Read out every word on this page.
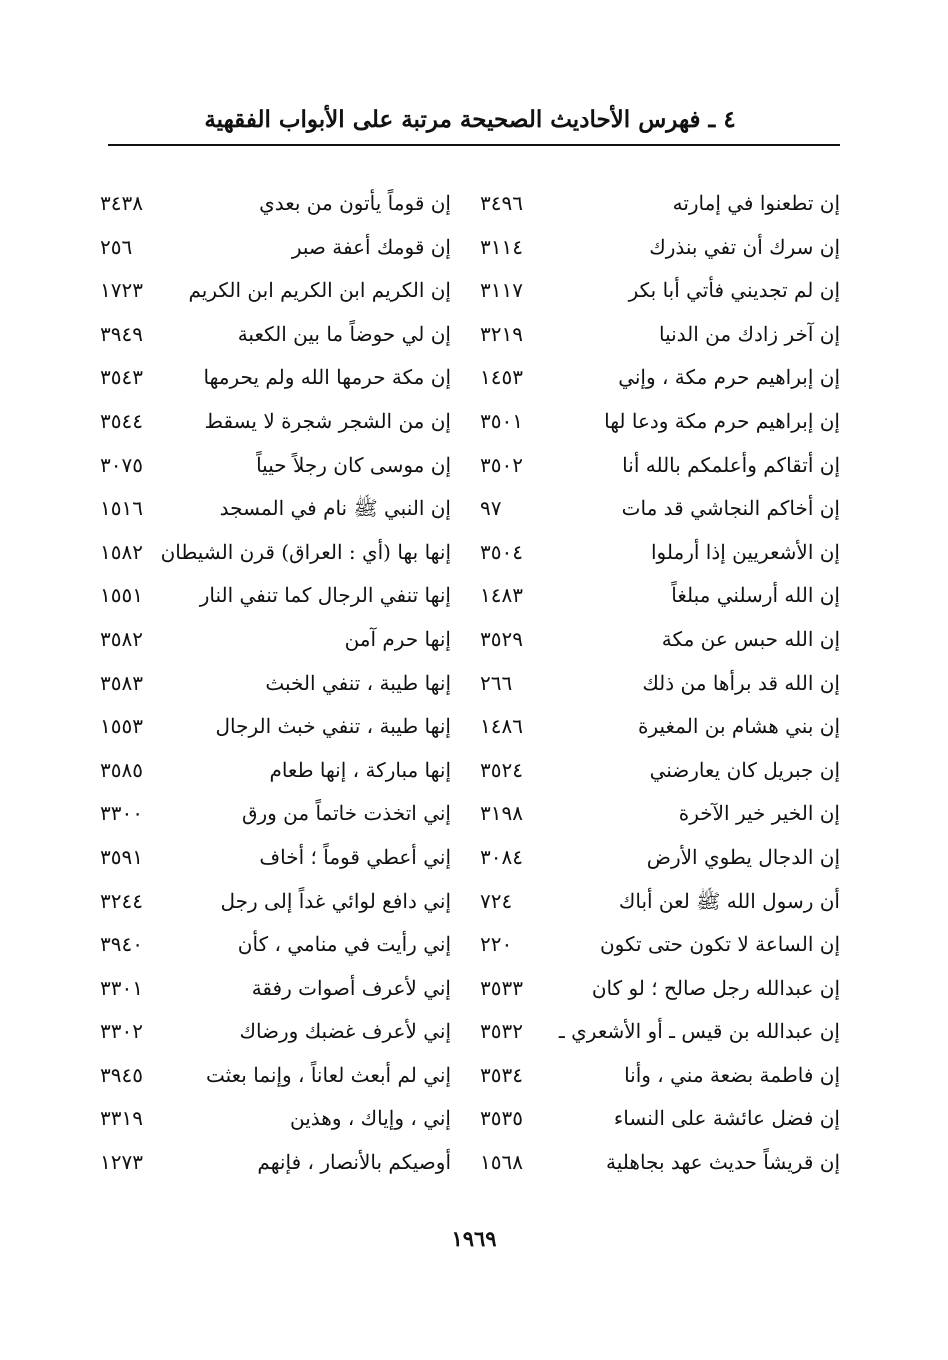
٤ ـ فهرس الأحاديث الصحيحة مرتبة على الأبواب الفقهية
إن تطعنوا في إمارته
٣٤٩٦
إن قوماً يأتون من بعدي
٣٤٣٨
إن سرك أن تفي بنذرك
٣١١٤
إن قومك أعفة صبر
٢٥٦
إن لم تجديني فأتي أبا بكر
٣١١٧
إن الكريم ابن الكريم ابن الكريم
١٧٢٣
إن آخر زادك من الدنيا
٣٢١٩
إن لي حوضاً ما بين الكعبة
٣٩٤٩
إن إبراهيم حرم مكة ، وإني
١٤٥٣
إن مكة حرمها الله ولم يحرمها
٣٥٤٣
إن إبراهيم حرم مكة ودعا لها
٣٥٠١
إن من الشجر شجرة لا يسقط
٣٥٤٤
إن أتقاكم وأعلمكم بالله أنا
٣٥٠٢
إن موسى كان رجلاً حيياً
٣٠٧٥
إن أخاكم النجاشي قد مات
٩٧
إن النبي ﷺ نام في المسجد
١٥١٦
إن الأشعريين إذا أرملوا
٣٥٠٤
إنها بها (أي : العراق) قرن الشيطان
١٥٨٢
إن الله أرسلني مبلغاً
١٤٨٣
إنها تنفي الرجال كما تنفي النار
١٥٥١
إن الله حبس عن مكة
٣٥٢٩
إنها حرم آمن
٣٥٨٢
إن الله قد برأها من ذلك
٢٦٦
إنها طيبة ، تنفي الخبث
٣٥٨٣
إن بني هشام بن المغيرة
١٤٨٦
إنها طيبة ، تنفي خبث الرجال
١٥٥٣
إن جبريل كان يعارضني
٣٥٢٤
إنها مباركة ، إنها طعام
٣٥٨٥
إن الخير خير الآخرة
٣١٩٨
إني اتخذت خاتماً من ورق
٣٣٠٠
إن الدجال يطوي الأرض
٣٠٨٤
إني أعطي قوماً ؛ أخاف
٣٥٩١
أن رسول الله ﷺ لعن أباك
٧٢٤
إني دافع لوائي غداً إلى رجل
٣٢٤٤
إن الساعة لا تكون حتى تكون
٢٢٠
إني رأيت في منامي ، كأن
٣٩٤٠
إن عبدالله رجل صالح ؛ لو كان
٣٥٣٣
إني لأعرف أصوات رفقة
٣٣٠١
إن عبدالله بن قيس ـ أو الأشعري ـ
٣٥٣٢
إني لأعرف غضبك ورضاك
٣٣٠٢
إن فاطمة بضعة مني ، وأنا
٣٥٣٤
إني لم أبعث لعاناً ، وإنما بعثت
٣٩٤٥
إن فضل عائشة على النساء
٣٥٣٥
إني ، وإياك ، وهذين
٣٣١٩
إن قريشاً حديث عهد بجاهلية
١٥٦٨
أوصيكم بالأنصار ، فإنهم
١٢٧٣
١٩٦٩
